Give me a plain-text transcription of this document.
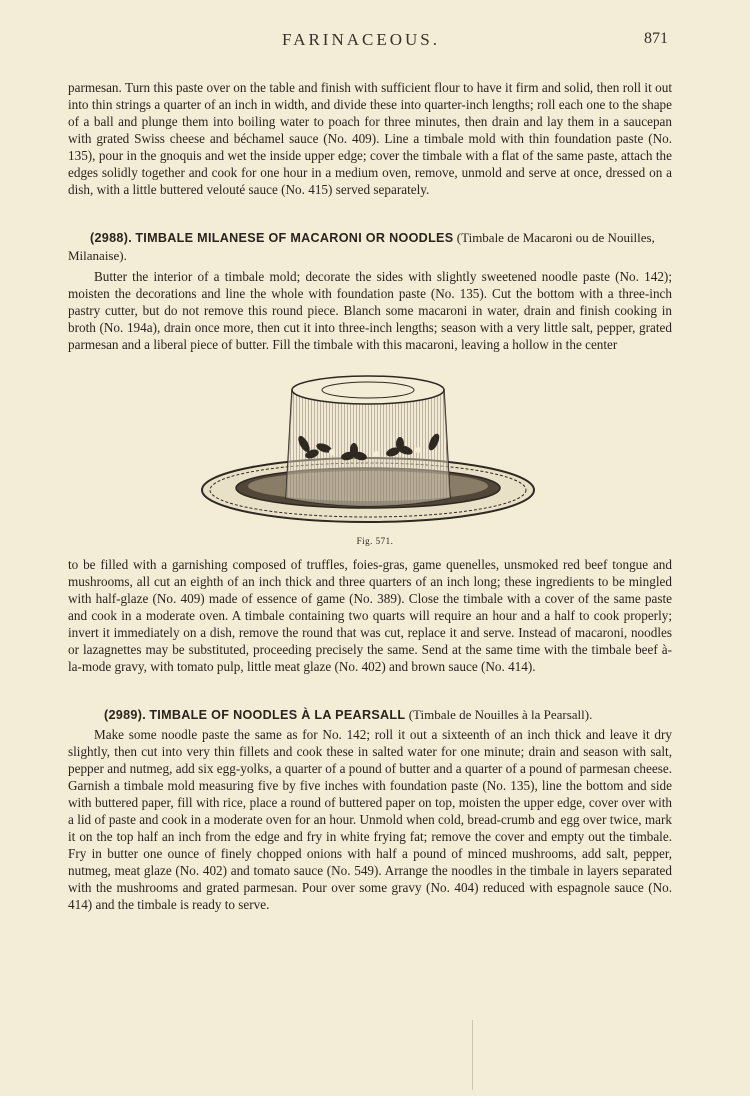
FARINACEOUS.	871

parmesan. Turn this paste over on the table and finish with sufficient flour to have it firm and solid, then roll it out into thin strings a quarter of an inch in width, and divide these into quarter-inch lengths; roll each one to the shape of a ball and plunge them into boiling water to poach for three minutes, then drain and lay them in a saucepan with grated Swiss cheese and béchamel sauce (No. 409). Line a timbale mold with thin foundation paste (No. 135), pour in the gnoquis and wet the inside upper edge; cover the timbale with a flat of the same paste, attach the edges solidly together and cook for one hour in a medium oven, remove, unmold and serve at once, dressed on a dish, with a little buttered velouté sauce (No. 415) served separately.

(2988). TIMBALE MILANESE OF MACARONI OR NOODLES (Timbale de Macaroni ou de Nouilles, Milanaise).

Butter the interior of a timbale mold; decorate the sides with slightly sweetened noodle paste (No. 142); moisten the decorations and line the whole with foundation paste (No. 135). Cut the bottom with a three-inch pastry cutter, but do not remove this round piece. Blanch some macaroni in water, drain and finish cooking in broth (No. 194a), drain once more, then cut it into three-inch lengths; season with a very little salt, pepper, grated parmesan and a liberal piece of butter. Fill the timbale with this macaroni, leaving a hollow in the center

Fig. 571.

to be filled with a garnishing composed of truffles, foies-gras, game quenelles, unsmoked red beef tongue and mushrooms, all cut an eighth of an inch thick and three quarters of an inch long; these ingredients to be mingled with half-glaze (No. 409) made of essence of game (No. 389). Close the timbale with a cover of the same paste and cook in a moderate oven. A timbale containing two quarts will require an hour and a half to cook properly; invert it immediately on a dish, remove the round that was cut, replace it and serve. Instead of macaroni, noodles or lazagnettes may be substituted, proceeding precisely the same. Send at the same time with the timbale beef à-la-mode gravy, with tomato pulp, little meat glaze (No. 402) and brown sauce (No. 414).

(2989). TIMBALE OF NOODLES À LA PEARSALL (Timbale de Nouilles à la Pearsall).

Make some noodle paste the same as for No. 142; roll it out a sixteenth of an inch thick and leave it dry slightly, then cut into very thin fillets and cook these in salted water for one minute; drain and season with salt, pepper and nutmeg, add six egg-yolks, a quarter of a pound of butter and a quarter of a pound of parmesan cheese. Garnish a timbale mold measuring five by five inches with foundation paste (No. 135), line the bottom and side with buttered paper, fill with rice, place a round of buttered paper on top, moisten the upper edge, cover over with a lid of paste and cook in a moderate oven for an hour. Unmold when cold, bread-crumb and egg over twice, mark it on the top half an inch from the edge and fry in white frying fat; remove the cover and empty out the timbale. Fry in butter one ounce of finely chopped onions with half a pound of minced mushrooms, add salt, pepper, nutmeg, meat glaze (No. 402) and tomato sauce (No. 549). Arrange the noodles in the timbale in layers separated with the mushrooms and grated parmesan. Pour over some gravy (No. 404) reduced with espagnole sauce (No. 414) and the timbale is ready to serve.
